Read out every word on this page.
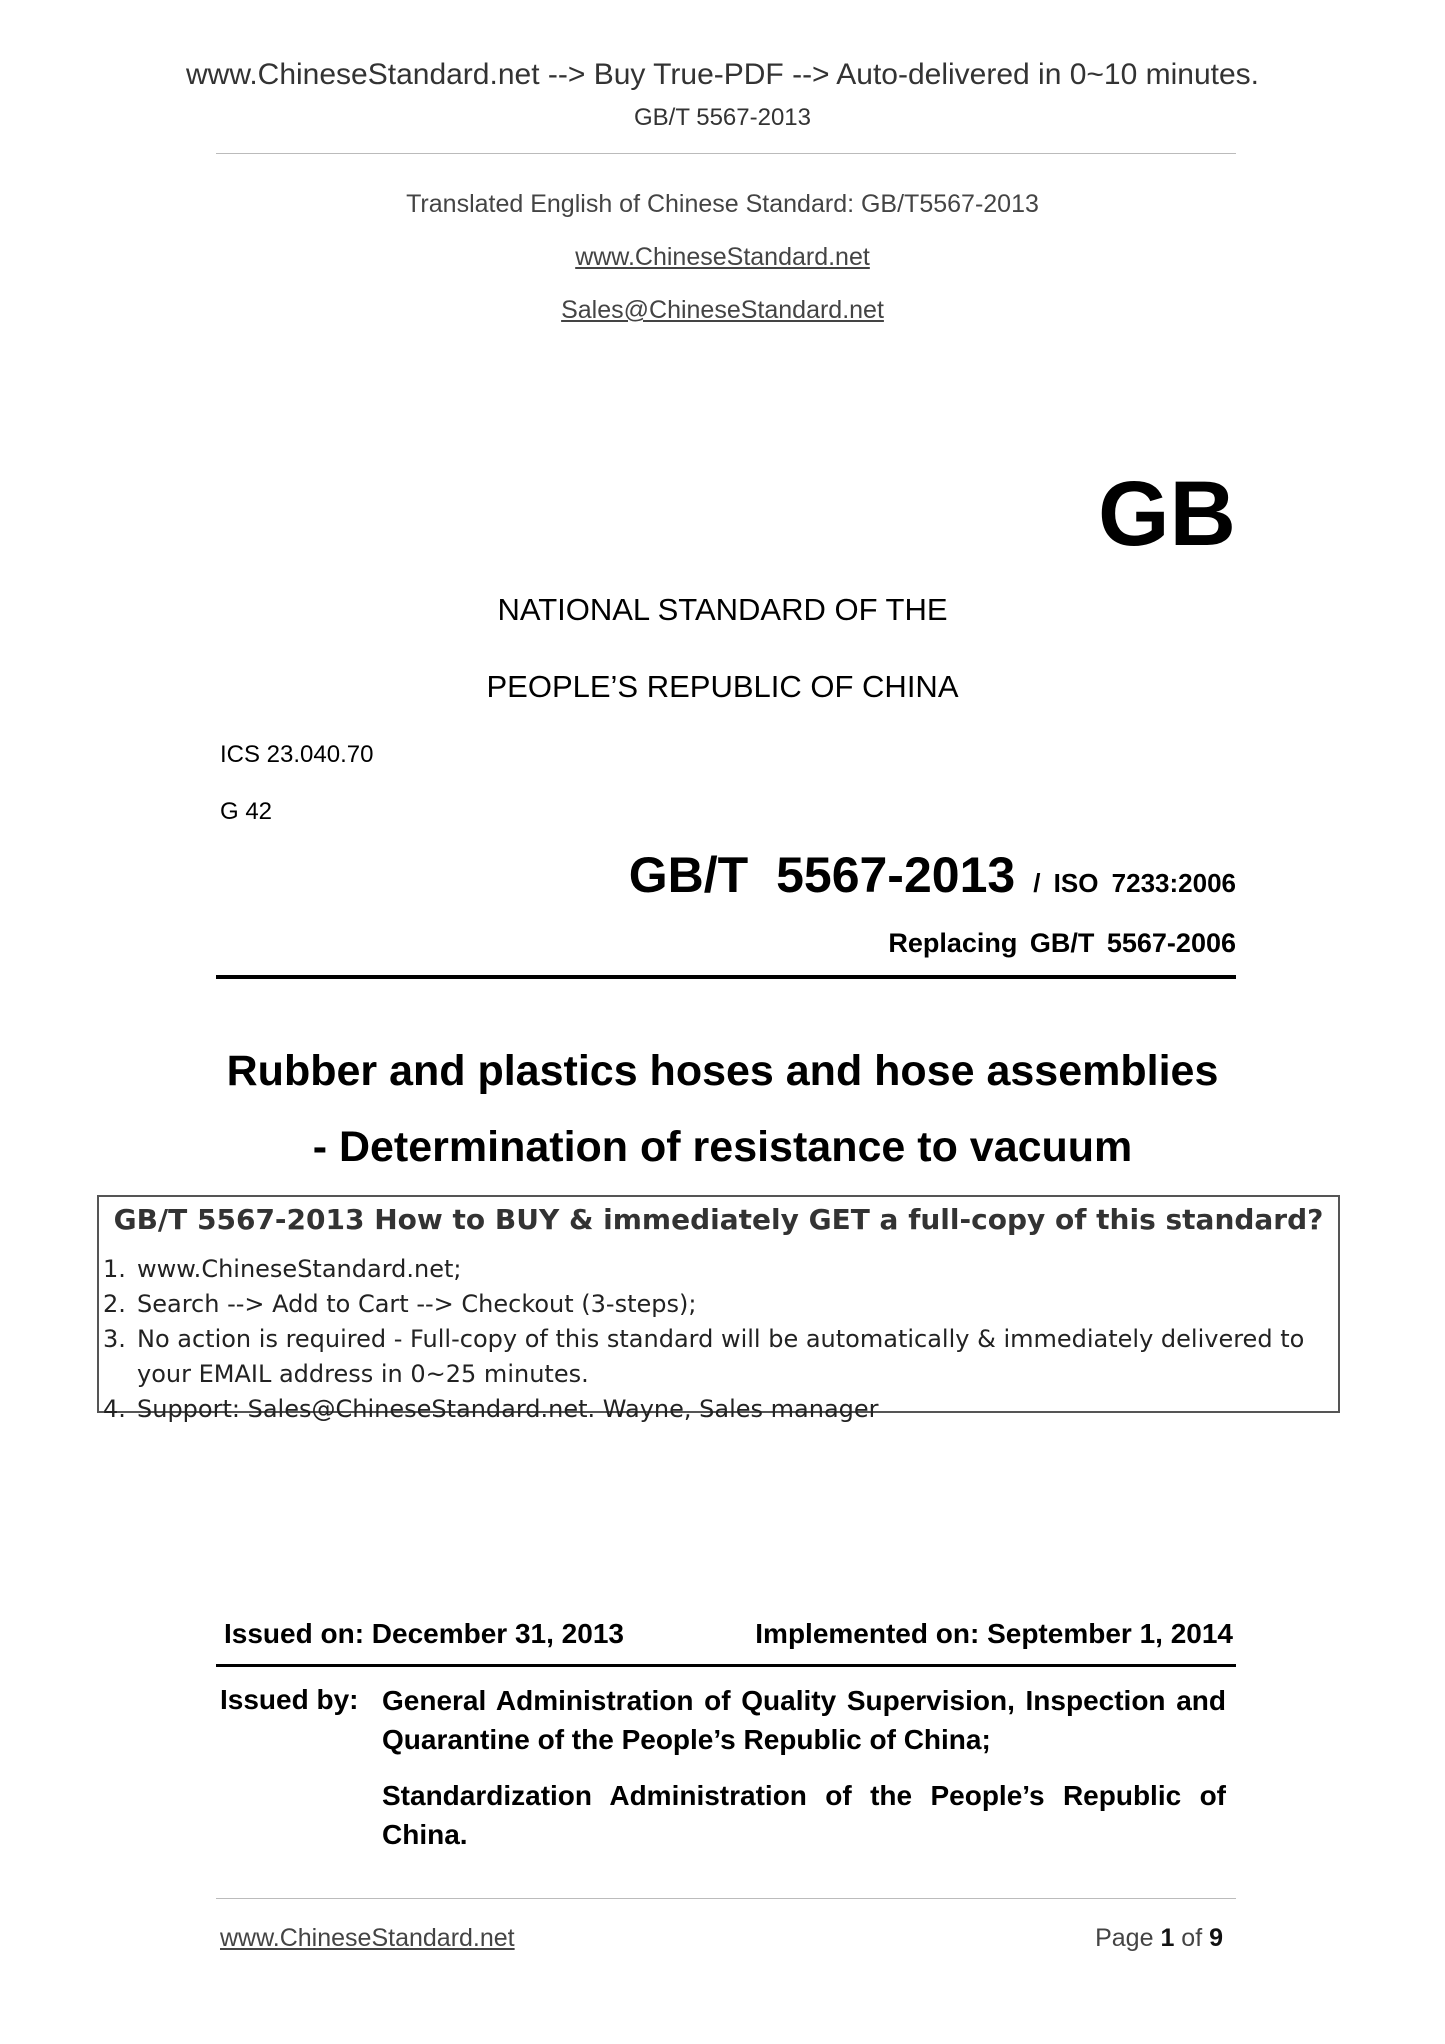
www.ChineseStandard.net --> Buy True-PDF --> Auto-delivered in 0~10 minutes.
GB/T 5567-2013
Translated English of Chinese Standard: GB/T5567-2013
www.ChineseStandard.net
Sales@ChineseStandard.net
GB
NATIONAL STANDARD OF THE
PEOPLE’S REPUBLIC OF CHINA
ICS 23.040.70
G 42
GB/T 5567-2013 / ISO 7233:2006
Replacing GB/T 5567-2006
Rubber and plastics hoses and hose assemblies
- Determination of resistance to vacuum
GB/T 5567-2013 How to BUY & immediately GET a full-copy of this standard?
1. www.ChineseStandard.net;
2. Search --> Add to Cart --> Checkout (3-steps);
3. No action is required - Full-copy of this standard will be automatically & immediately delivered to
your EMAIL address in 0~25 minutes.
4. Support: Sales@ChineseStandard.net. Wayne, Sales manager
Issued on: December 31, 2013	Implemented on: September 1, 2014
Issued by: General Administration of Quality Supervision, Inspection and Quarantine of the People’s Republic of China;
Standardization Administration of the People’s Republic of China.
www.ChineseStandard.net	Page 1 of 9
